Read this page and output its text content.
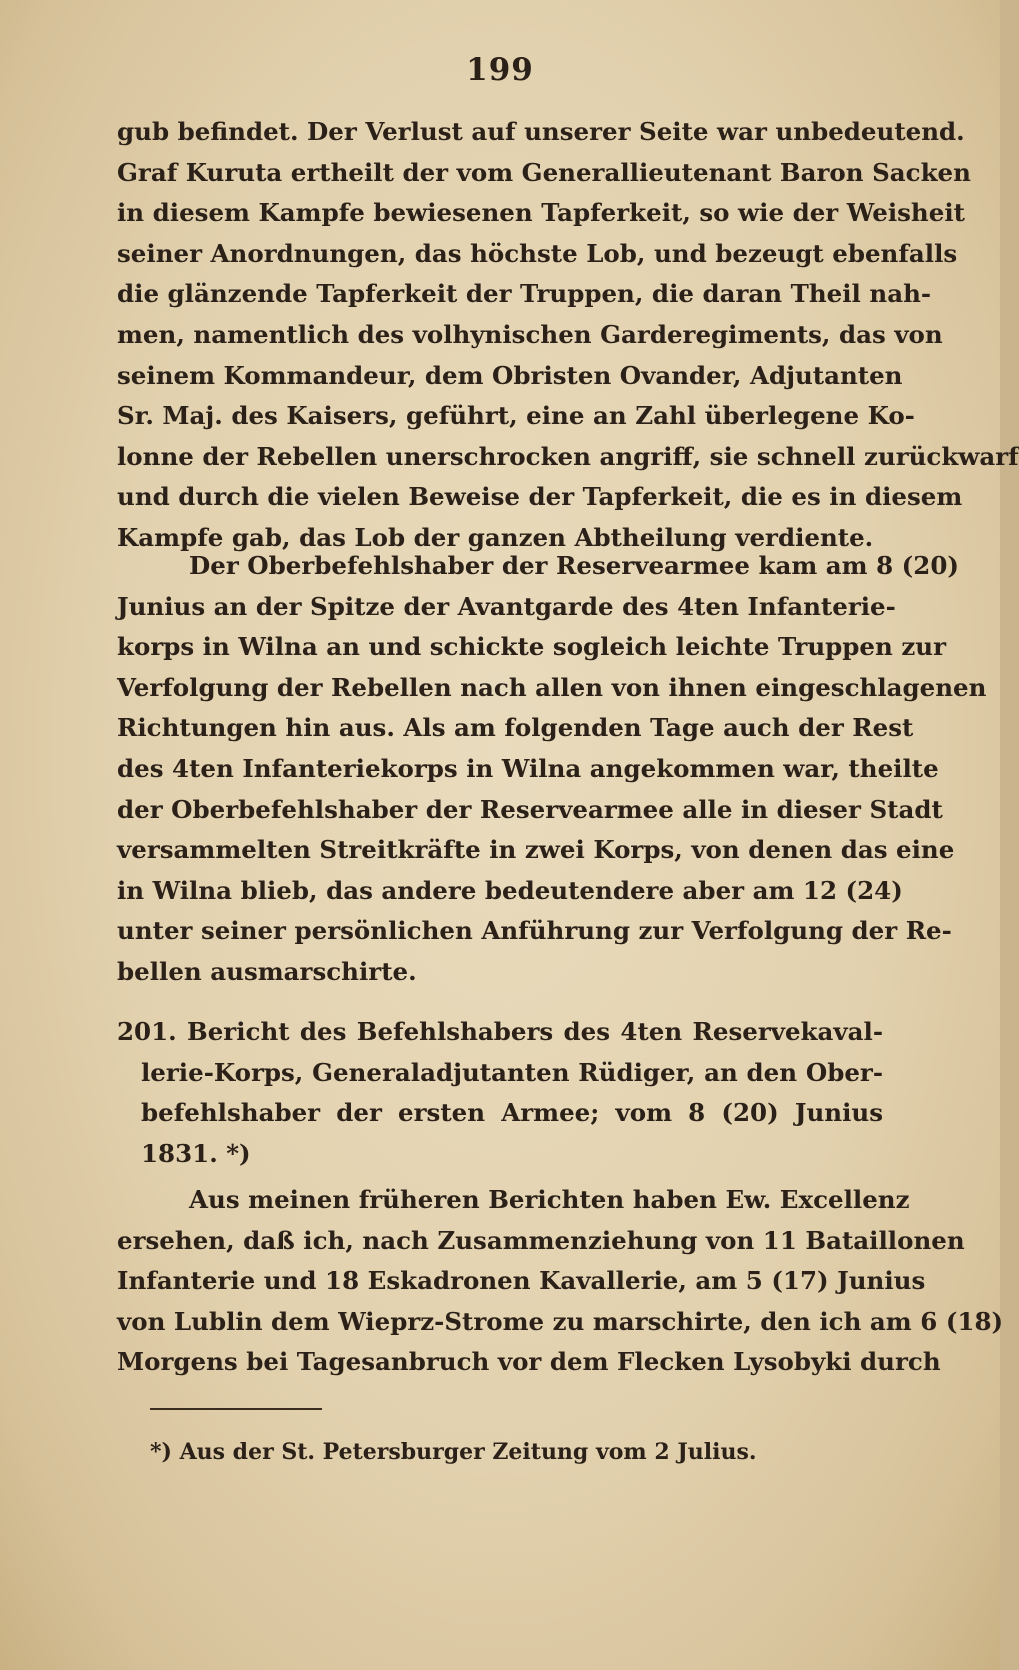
199
gub befindet. Der Verlust auf unserer Seite war unbedeutend.
Graf Kuruta ertheilt der vom Generallieutenant Baron Sacken
in diesem Kampfe bewiesenen Tapferkeit, so wie der Weisheit
seiner Anordnungen, das höchste Lob, und bezeugt ebenfalls
die glänzende Tapferkeit der Truppen, die daran Theil nah-
men, namentlich des volhynischen Garderegiments, das von
seinem Kommandeur, dem Obristen Ovander, Adjutanten
Sr. Maj. des Kaisers, geführt, eine an Zahl überlegene Ko-
lonne der Rebellen unerschrocken angriff, sie schnell zurückwarf
und durch die vielen Beweise der Tapferkeit, die es in diesem
Kampfe gab, das Lob der ganzen Abtheilung verdiente.
Der Oberbefehlshaber der Reservearmee kam am 8 (20)
Junius an der Spitze der Avantgarde des 4ten Infanterie-
korps in Wilna an und schickte sogleich leichte Truppen zur
Verfolgung der Rebellen nach allen von ihnen eingeschlagenen
Richtungen hin aus. Als am folgenden Tage auch der Rest
des 4ten Infanteriekorps in Wilna angekommen war, theilte
der Oberbefehlshaber der Reservearmee alle in dieser Stadt
versammelten Streitkräfte in zwei Korps, von denen das eine
in Wilna blieb, das andere bedeutendere aber am 12 (24)
unter seiner persönlichen Anführung zur Verfolgung der Re-
bellen ausmarschirte.
201. Bericht des Befehlshabers des 4ten Reservekaval-
lerie-Korps, Generaladjutanten Rüdiger, an den Ober-
befehlshaber der ersten Armee; vom 8 (20) Junius
1831. *)
Aus meinen früheren Berichten haben Ew. Excellenz
ersehen, daß ich, nach Zusammenziehung von 11 Bataillonen
Infanterie und 18 Eskadronen Kavallerie, am 5 (17) Junius
von Lublin dem Wieprz-Strome zu marschirte, den ich am 6 (18)
Morgens bei Tagesanbruch vor dem Flecken Lysobyki durch
*) Aus der St. Petersburger Zeitung vom 2 Julius.
